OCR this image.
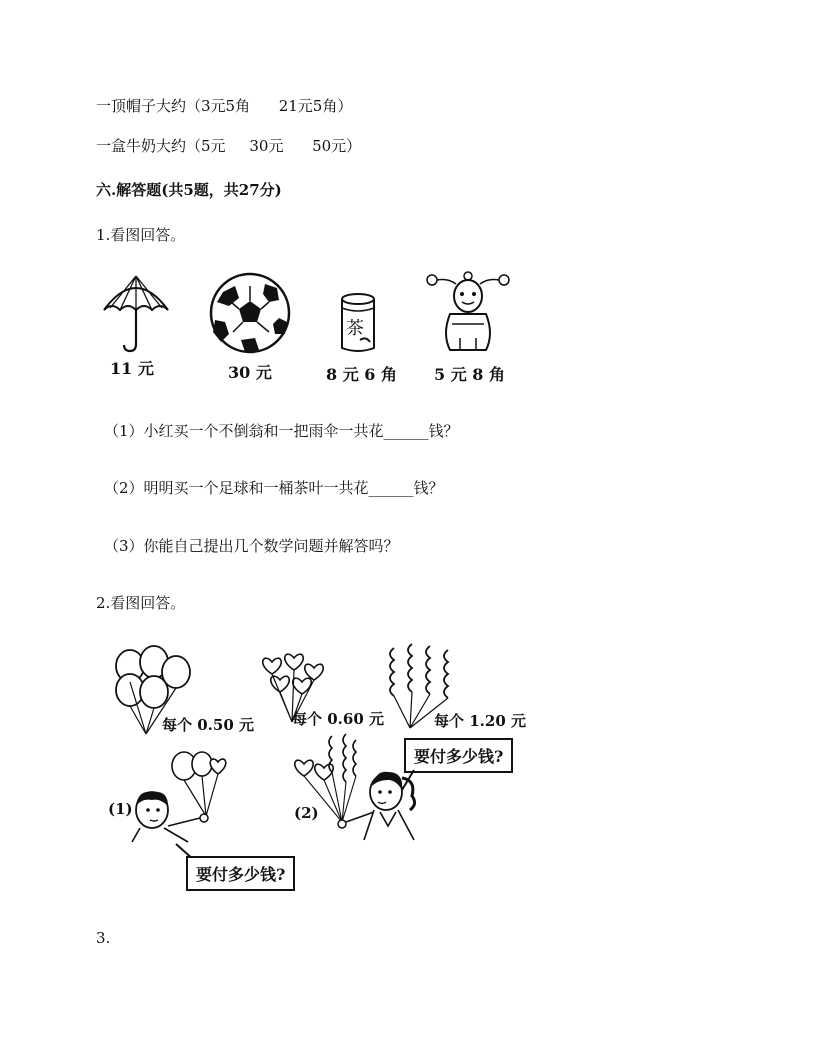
一顶帽子大约（3元5角      21元5角）
一盒牛奶大约（5元     30元      50元）
六.解答题(共5题，共27分)
1.看图回答。
11 元	30 元
茶
8 元 6 角 5 元 8 角
（1）小红买一个不倒翁和一把雨伞一共花______钱？
（2）明明买一个足球和一桶茶叶一共花______钱？
（3）你能自己提出几个数学问题并解答吗？
2.看图回答。
每个 0.50 元	每个 0.60 元	每个 1.20 元
(1)
要付多少钱?
(2)
要付多少钱?
3.
